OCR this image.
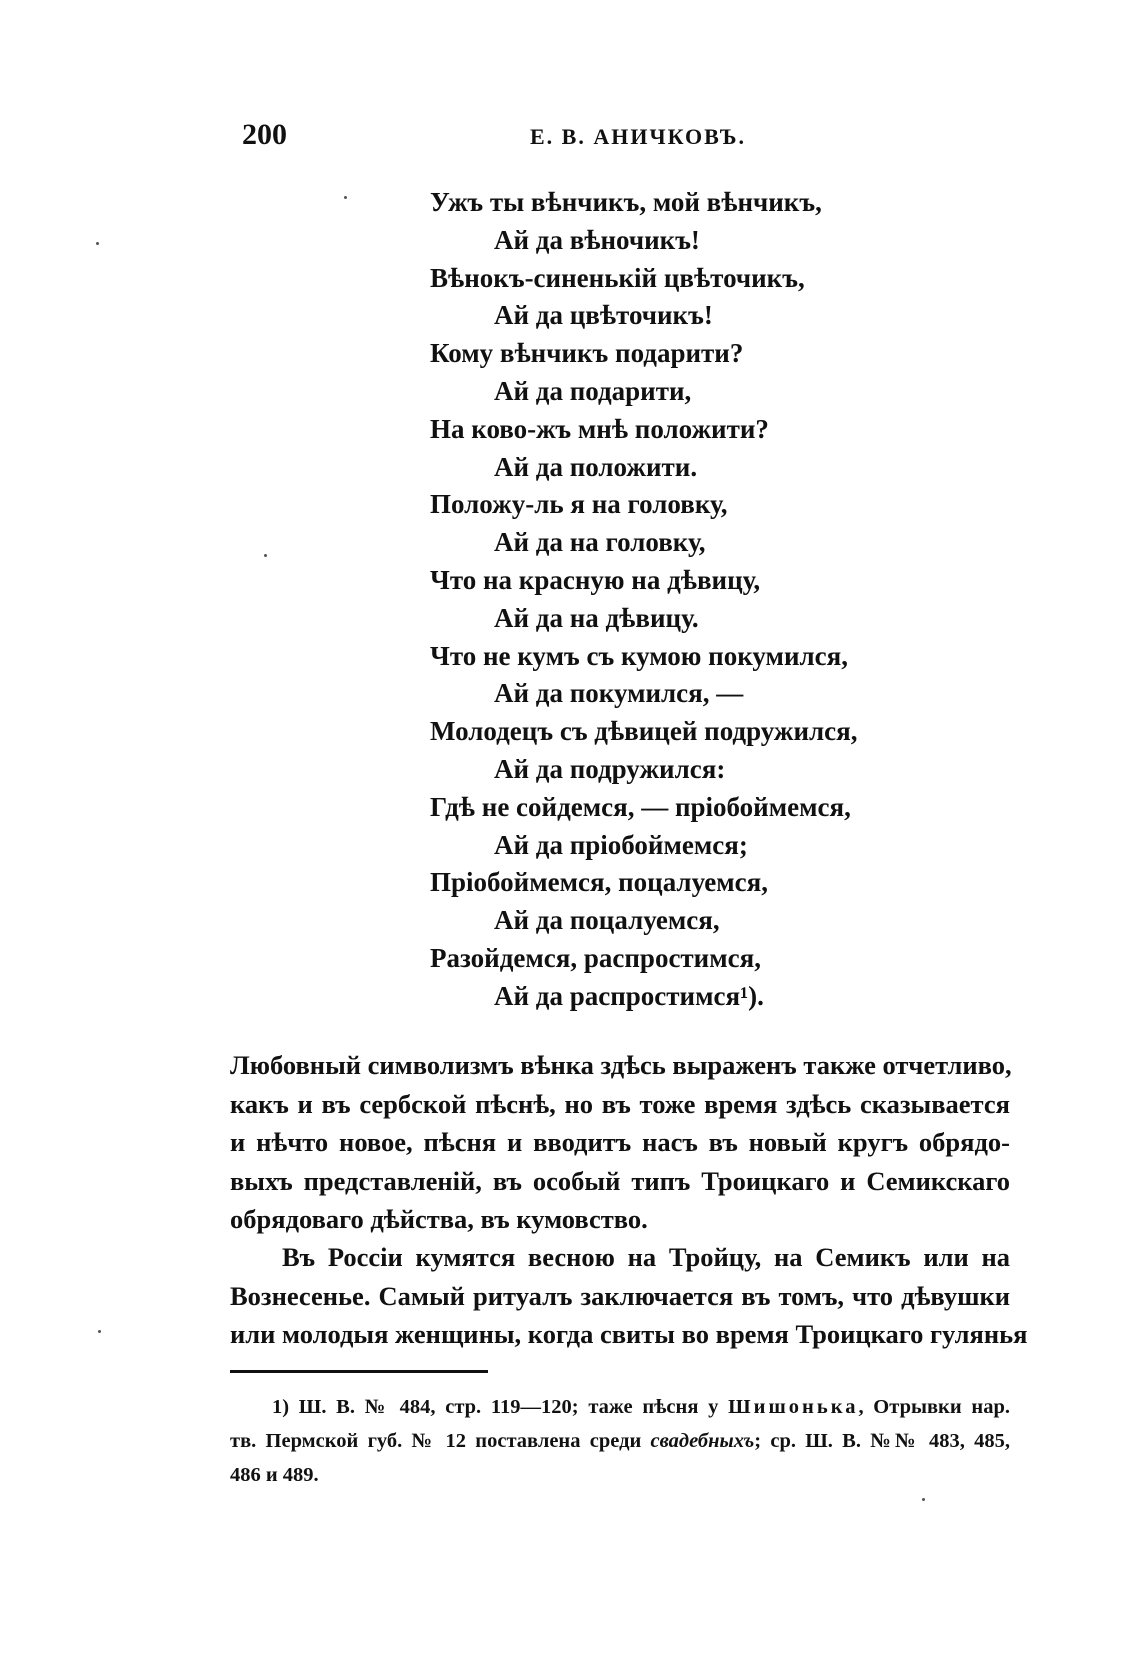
200	Е. В. АНИЧКОВЪ.
Ужъ ты вѣнчикъ, мой вѣнчикъ,
Ай да вѣночикъ!
Вѣнокъ-синенькій цвѣточикъ,
Ай да цвѣточикъ!
Кому вѣнчикъ подарити?
Ай да подарити,
На ково-жъ мнѣ положити?
Ай да положити.
Положу-ль я на головку,
Ай да на головку,
Что на красную на дѣвицу,
Ай да на дѣвицу.
Что не кумъ съ кумою покумился,
Ай да покумился, —
Молодецъ съ дѣвицей подружился,
Ай да подружился:
Гдѣ не сойдемся, — пріобоймемся,
Ай да пріобоймемся;
Пріобоймемся, поцалуемся,
Ай да поцалуемся,
Разойдемся, распростимся,
Ай да распростимся¹).

Любовный символизмъ вѣнка здѣсь выраженъ также отчетливо,
какъ и въ сербской пѣснѣ, но въ тоже время здѣсь сказывается
и нѣчто новое, пѣсня и вводитъ насъ въ новый кругъ обрядо-
выхъ представленій, въ особый типъ Троицкаго и Семикскаго
обрядоваго дѣйства, въ кумовство.

Въ Россіи кумятся весною на Тройцу, на Семикъ или на
Вознесенье. Самый ритуалъ заключается въ томъ, что дѣвушки
или молодыя женщины, когда свиты во время Троицкаго гулянья

1) Ш. В. № 484, стр. 119—120; таже пѣсня у Шишонька, Отрывки нар.
тв. Пермской губ. № 12 поставлена среди свадебныхъ; ср. Ш. В. №№ 483, 485,
486 и 489.
